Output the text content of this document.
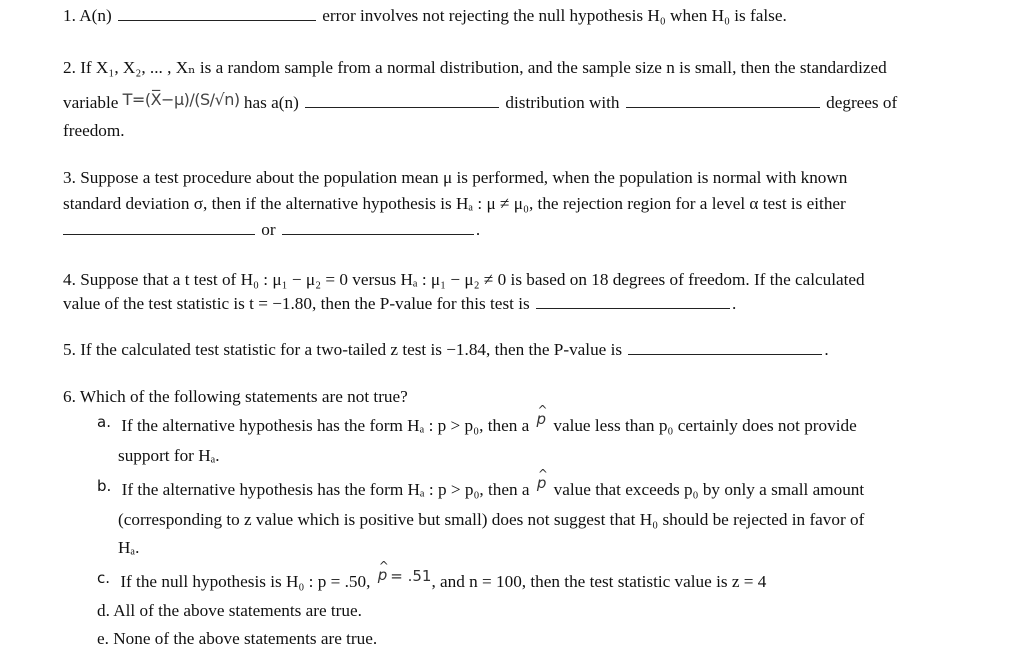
1. A(n)	error involves not rejecting the null hypothesis H₀ when H₀ is false.
2. If X₁, X₂, ... , Xₙ is a random sample from a normal distribution, and the sample size n is small, then the standardized
variable T=(X̅−μ)/(S/√n) has a(n)	distribution with	degrees of
freedom.
3. Suppose a test procedure about the population mean μ is performed, when the population is normal with known
standard deviation σ, then if the alternative hypothesis is Hₐ : μ ≠ μ₀, the rejection region for a level α test is either
or	.
4. Suppose that a t test of H₀ : μ₁ − μ₂ = 0 versus Hₐ : μ₁ − μ₂ ≠ 0 is based on 18 degrees of freedom. If the calculated
value of the test statistic is t = −1.80, then the P-value for this test is	.
5. If the calculated test statistic for a two-tailed z test is −1.84, then the P-value is	.
6. Which of the following statements are not true?
a. If the alternative hypothesis has the form Hₐ : p > p₀, then a ^ p value less than p₀ certainly does not provide
support for Hₐ.
b. If the alternative hypothesis has the form Hₐ : p > p₀, then a ^ p value that exceeds p₀ by only a small amount
(corresponding to z value which is positive but small) does not suggest that H₀ should be rejected in favor of
Hₐ.
c. If the null hypothesis is H₀ : p = .50, ^ p = .51, and n = 100, then the test statistic value is z = 4
d. All of the above statements are true.
e. None of the above statements are true.
